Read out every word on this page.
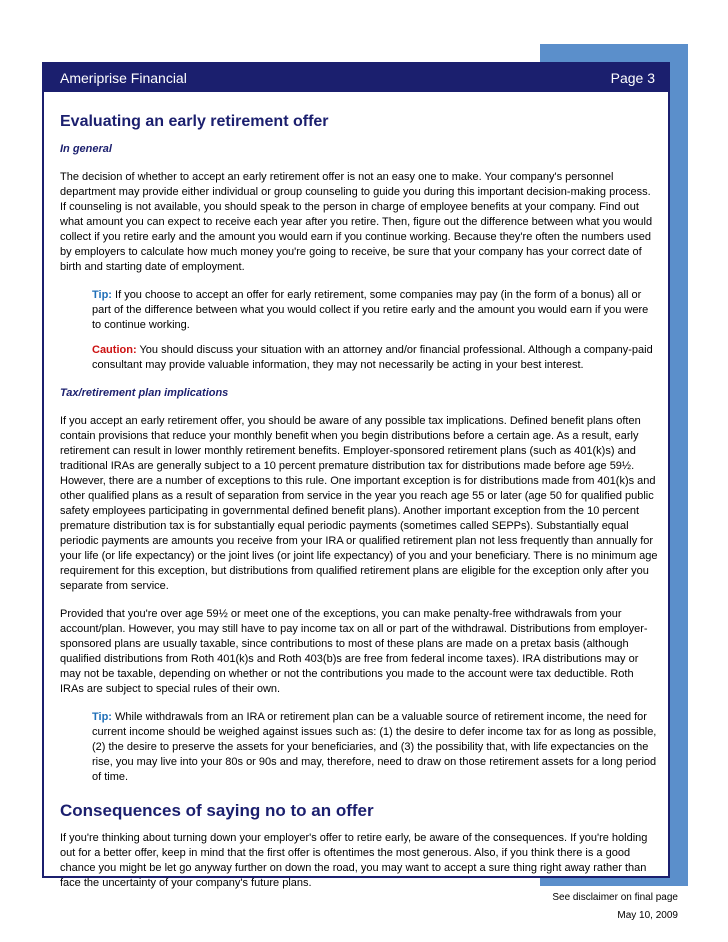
Ameriprise Financial	Page 3
Evaluating an early retirement offer
In general

The decision of whether to accept an early retirement offer is not an easy one to make. Your company's personnel department may provide either individual or group counseling to guide you during this important decision-making process. If counseling is not available, you should speak to the person in charge of employee benefits at your company. Find out what amount you can expect to receive each year after you retire. Then, figure out the difference between what you would collect if you retire early and the amount you would earn if you continue working. Because they're often the numbers used by employers to calculate how much money you're going to receive, be sure that your company has your correct date of birth and starting date of employment.

Tip: If you choose to accept an offer for early retirement, some companies may pay (in the form of a bonus) all or part of the difference between what you would collect if you retire early and the amount you would earn if you were to continue working.
Caution: You should discuss your situation with an attorney and/or financial professional. Although a company-paid consultant may provide valuable information, they may not necessarily be acting in your best interest.
Tax/retirement plan implications

If you accept an early retirement offer, you should be aware of any possible tax implications. Defined benefit plans often contain provisions that reduce your monthly benefit when you begin distributions before a certain age. As a result, early retirement can result in lower monthly retirement benefits. Employer-sponsored retirement plans (such as 401(k)s) and traditional IRAs are generally subject to a 10 percent premature distribution tax for distributions made before age 59½. However, there are a number of exceptions to this rule. One important exception is for distributions made from 401(k)s and other qualified plans as a result of separation from service in the year you reach age 55 or later (age 50 for qualified public safety employees participating in governmental defined benefit plans). Another important exception from the 10 percent premature distribution tax is for substantially equal periodic payments (sometimes called SEPPs). Substantially equal periodic payments are amounts you receive from your IRA or qualified retirement plan not less frequently than annually for your life (or life expectancy) or the joint lives (or joint life expectancy) of you and your beneficiary. There is no minimum age requirement for this exception, but distributions from qualified retirement plans are eligible for the exception only after you separate from service.

Provided that you're over age 59½ or meet one of the exceptions, you can make penalty-free withdrawals from your account/plan. However, you may still have to pay income tax on all or part of the withdrawal. Distributions from employer-sponsored plans are usually taxable, since contributions to most of these plans are made on a pretax basis (although qualified distributions from Roth 401(k)s and Roth 403(b)s are free from federal income taxes). IRA distributions may or may not be taxable, depending on whether or not the contributions you made to the account were tax deductible. Roth IRAs are subject to special rules of their own.

Tip: While withdrawals from an IRA or retirement plan can be a valuable source of retirement income, the need for current income should be weighed against issues such as: (1) the desire to defer income tax for as long as possible, (2) the desire to preserve the assets for your beneficiaries, and (3) the possibility that, with life expectancies on the rise, you may live into your 80s or 90s and may, therefore, need to draw on those retirement assets for a long period of time.
Consequences of saying no to an offer

If you're thinking about turning down your employer's offer to retire early, be aware of the consequences. If you're holding out for a better offer, keep in mind that the first offer is oftentimes the most generous. Also, if you think there is a good chance you might be let go anyway further on down the road, you may want to accept a sure thing right away rather than face the uncertainty of your company's future plans.

See disclaimer on final page
May 10, 2009
